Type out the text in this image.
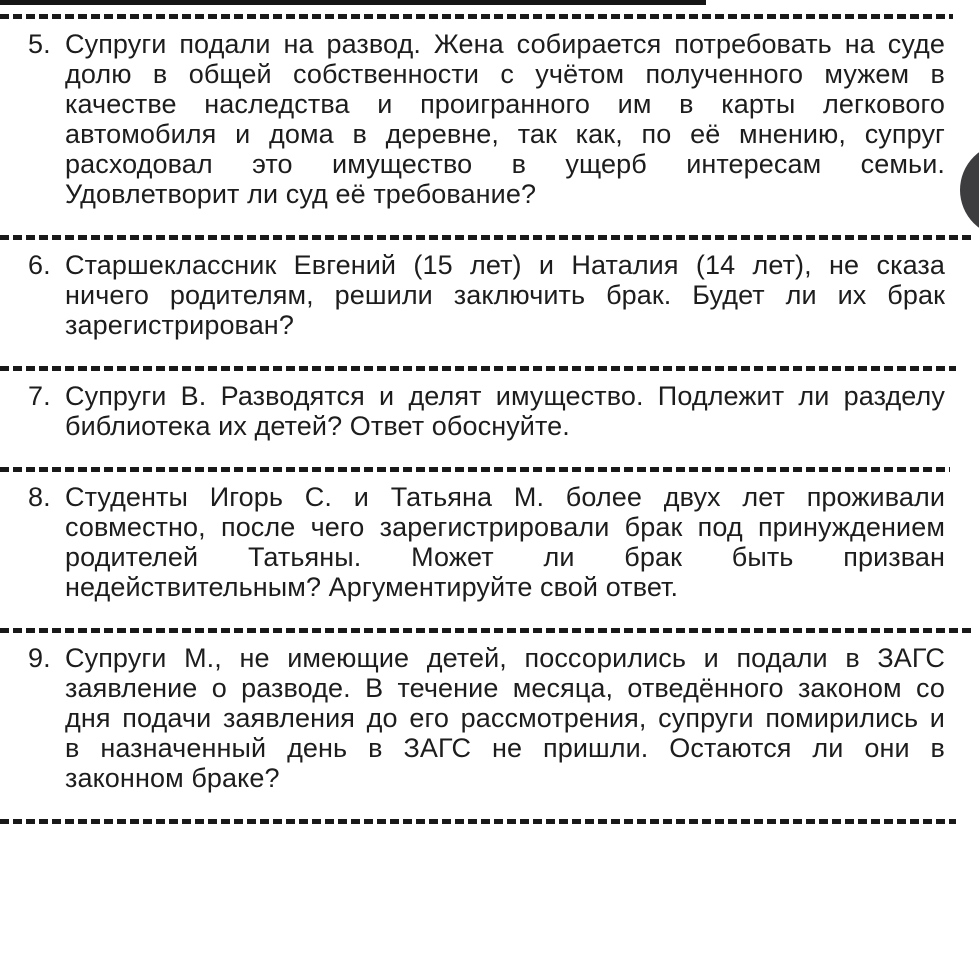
5. Супруги подали на развод. Жена собирается потребовать на суде
долю в общей собственности с учётом полученного мужем в
качестве наследства и проигранного им в карты легкового
автомобиля и дома в деревне, так как, по её мнению, супруг
расходовал это имущество в ущерб интересам семьи.
Удовлетворит ли суд её требование?
6. Старшеклассник Евгений (15 лет) и Наталия (14 лет), не сказа
ничего родителям, решили заключить брак. Будет ли их брак
зарегистрирован?
7. Супруги В. Разводятся и делят имущество. Подлежит ли разделу
библиотека их детей? Ответ обоснуйте.
8. Студенты Игорь С. и Татьяна М. более двух лет проживали
совместно, после чего зарегистрировали брак под принуждением
родителей Татьяны. Может ли брак быть призван
недействительным? Аргументируйте свой ответ.
9. Супруги М., не имеющие детей, поссорились и подали в ЗАГС
заявление о разводе. В течение месяца, отведённого законом со
дня подачи заявления до его рассмотрения, супруги помирились и
в назначенный день в ЗАГС не пришли. Остаются ли они в
законном браке?
